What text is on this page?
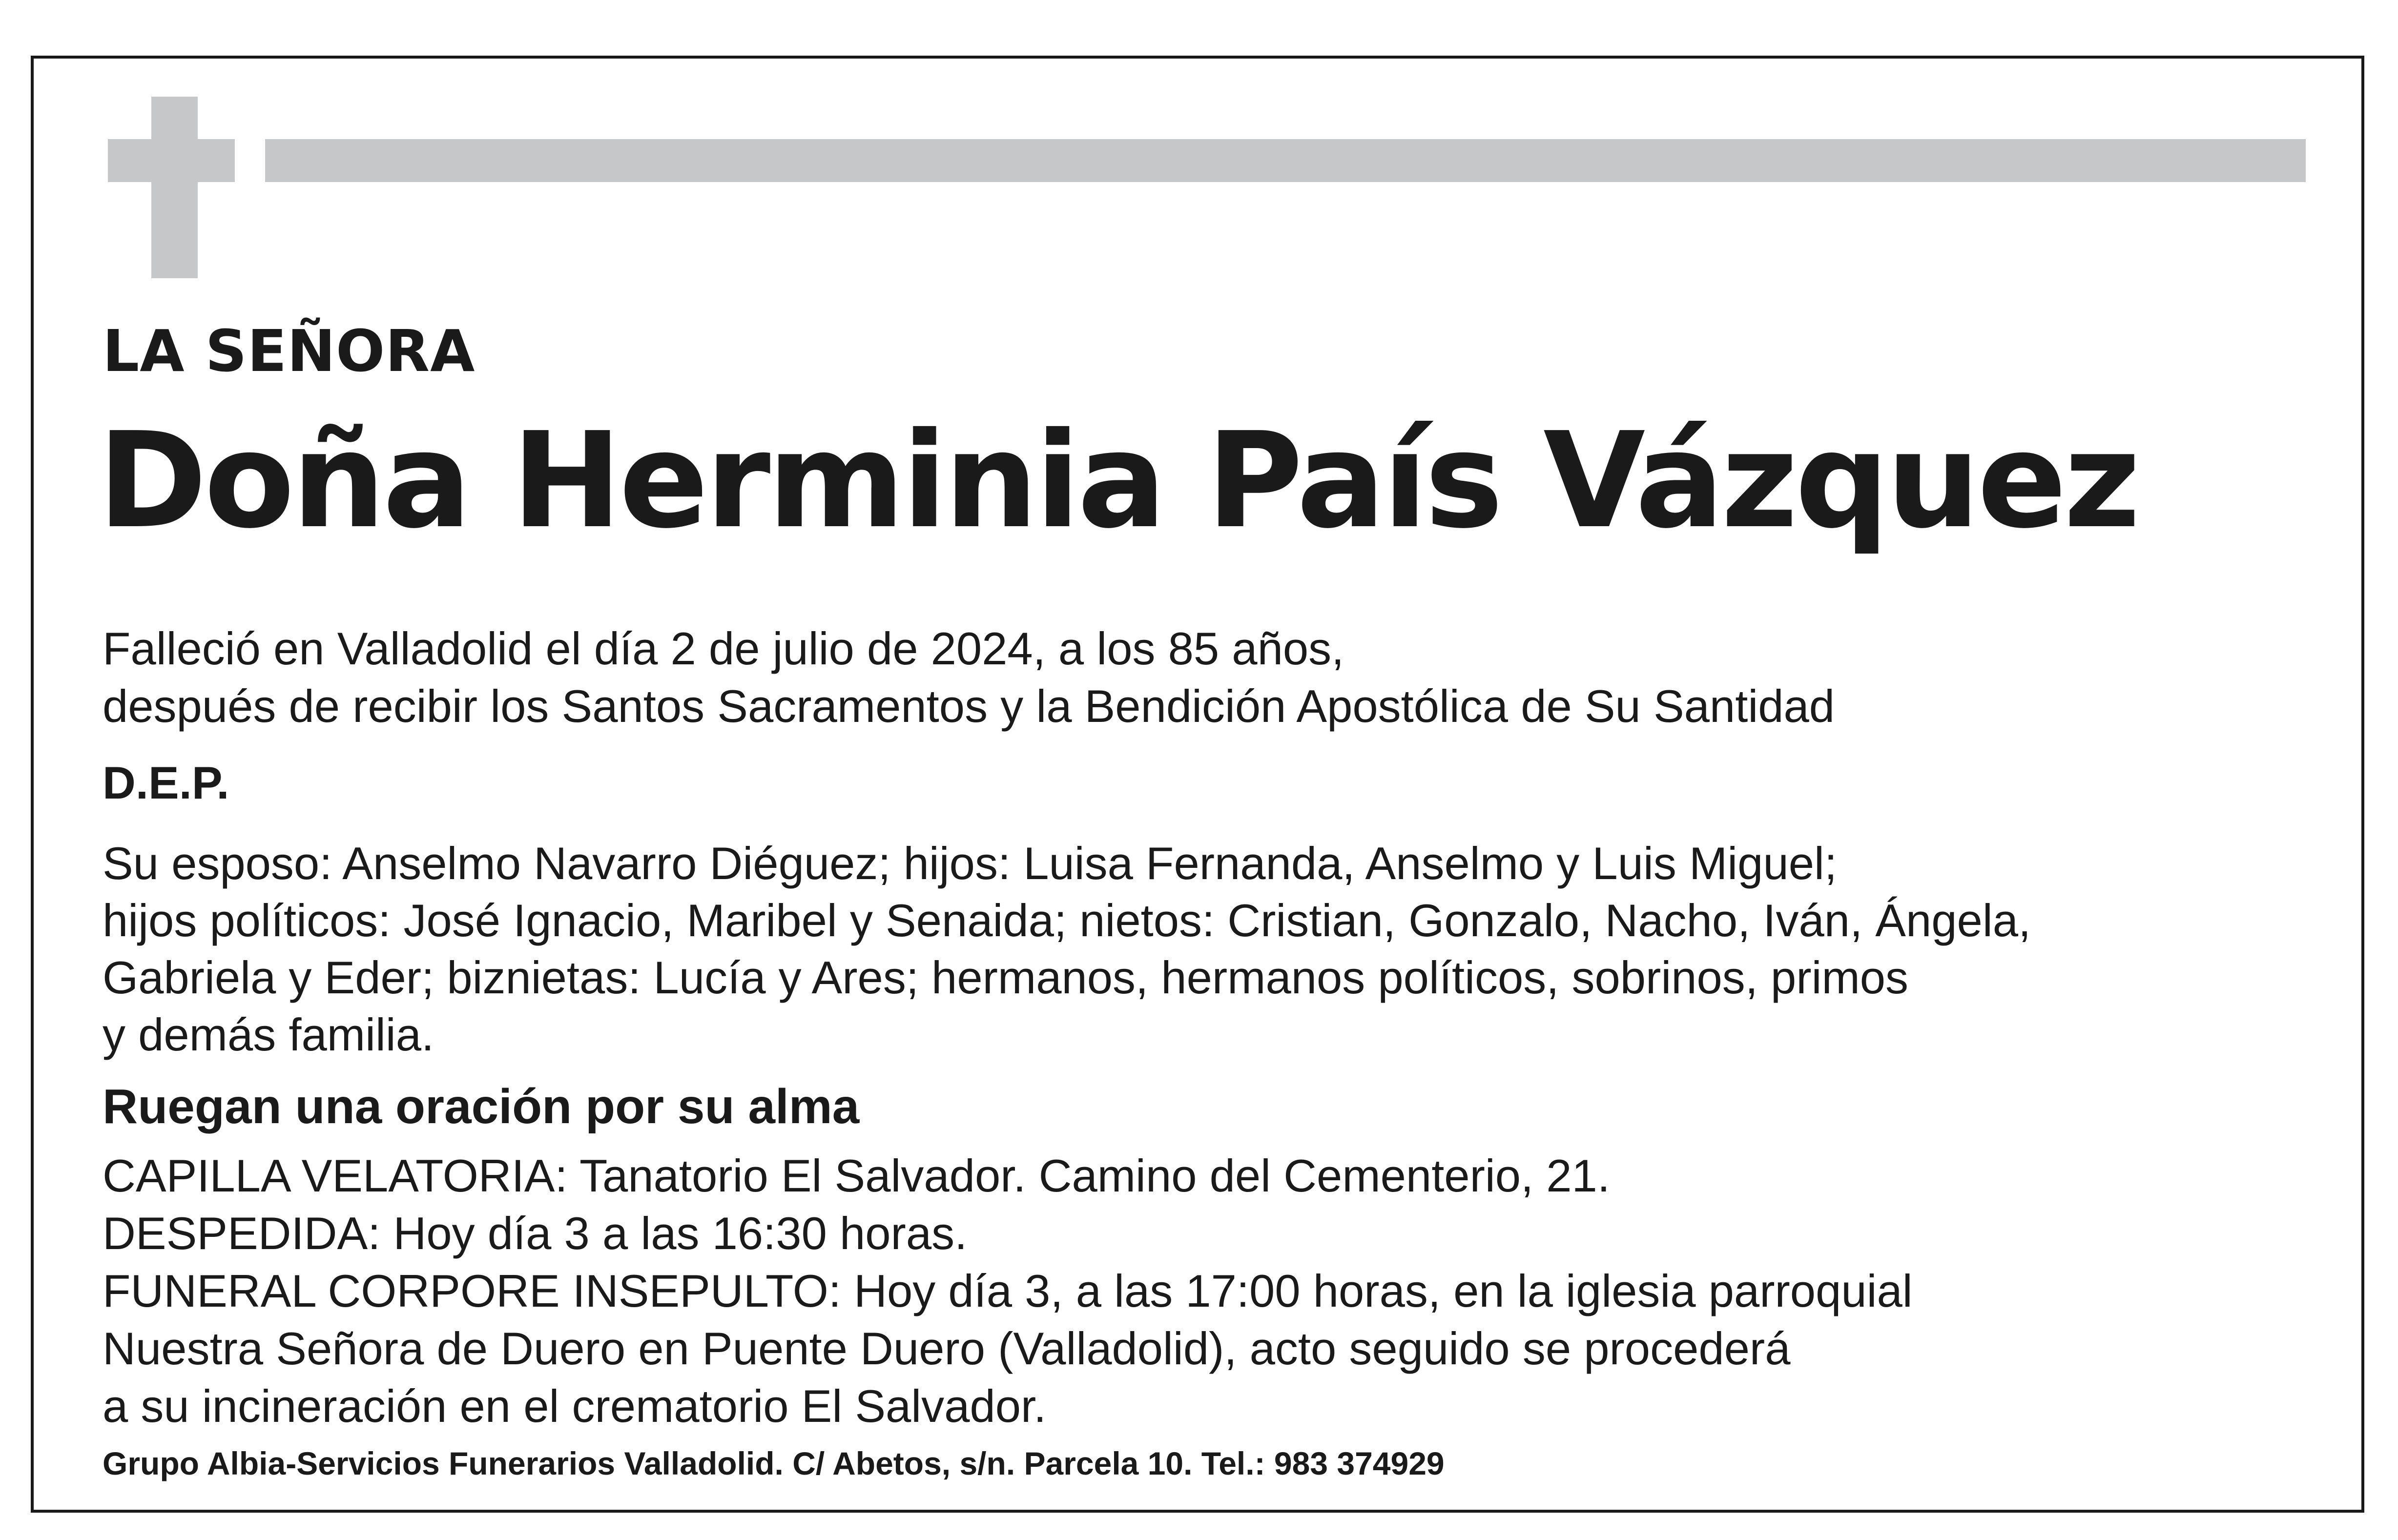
LA SEÑORA
Doña Herminia País Vázquez
Falleció en Valladolid el día 2 de julio de 2024, a los 85 años,
después de recibir los Santos Sacramentos y la Bendición Apostólica de Su Santidad
D.E.P.
Su esposo: Anselmo Navarro Diéguez; hijos: Luisa Fernanda, Anselmo y Luis Miguel;
hijos políticos: José Ignacio, Maribel y Senaida; nietos: Cristian, Gonzalo, Nacho, Iván, Ángela,
Gabriela y Eder; biznietas: Lucía y Ares; hermanos, hermanos políticos, sobrinos, primos
y demás familia.
Ruegan una oración por su alma
CAPILLA VELATORIA: Tanatorio El Salvador. Camino del Cementerio, 21.
DESPEDIDA: Hoy día 3 a las 16:30 horas.
FUNERAL CORPORE INSEPULTO: Hoy día 3, a las 17:00 horas, en la iglesia parroquial
Nuestra Señora de Duero en Puente Duero (Valladolid), acto seguido se procederá
a su incineración en el crematorio El Salvador.
Grupo Albia-Servicios Funerarios Valladolid. C/ Abetos, s/n. Parcela 10. Tel.: 983 374929
